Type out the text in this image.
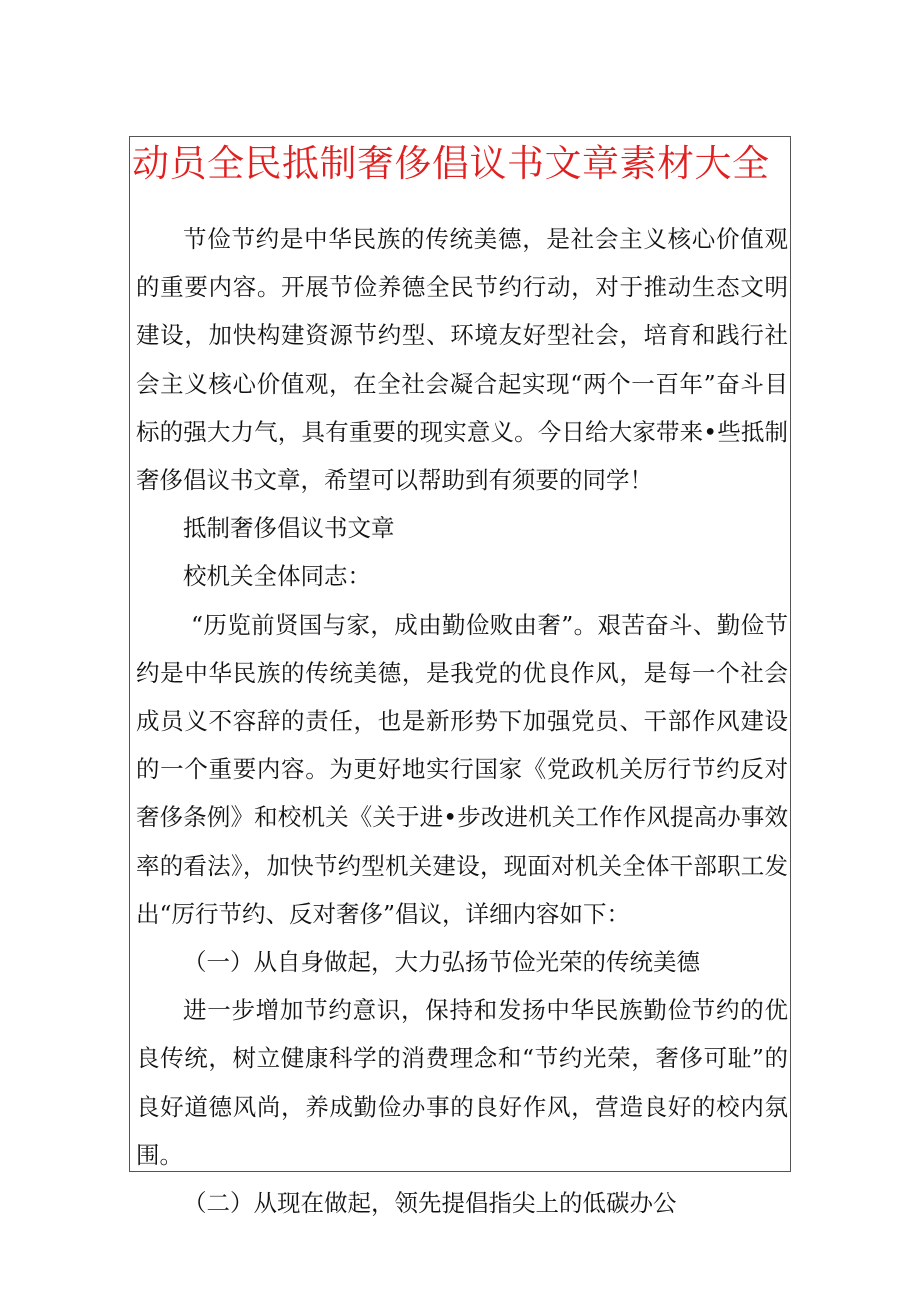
动员全民抵制奢侈倡议书文章素材大全

节俭节约是中华民族的传统美德，是社会主义核心价值观的重要内容。开展节俭养德全民节约行动，对于推动生态文明建设，加快构建资源节约型、环境友好型社会，培育和践行社会主义核心价值观，在全社会凝合起实现“两个一百年”奋斗目标的强大力气，具有重要的现实意义。今日给大家带来•些抵制奢侈倡议书文章，希望可以帮助到有须要的同学！

抵制奢侈倡议书文章

校机关全体同志：

“历览前贤国与家，成由勤俭败由奢”。艰苦奋斗、勤俭节约是中华民族的传统美德，是我党的优良作风，是每一个社会成员义不容辞的责任，也是新形势下加强党员、干部作风建设的一个重要内容。为更好地实行国家《党政机关厉行节约反对奢侈条例》和校机关《关于进•步改进机关工作作风提高办事效率的看法》，加快节约型机关建设，现面对机关全体干部职工发出“厉行节约、反对奢侈”倡议，详细内容如下：

（一）从自身做起，大力弘扬节俭光荣的传统美德

进一步增加节约意识，保持和发扬中华民族勤俭节约的优良传统，树立健康科学的消费理念和“节约光荣，奢侈可耻”的良好道德风尚，养成勤俭办事的良好作风，营造良好的校内氛围。

（二）从现在做起，领先提倡指尖上的低碳办公
